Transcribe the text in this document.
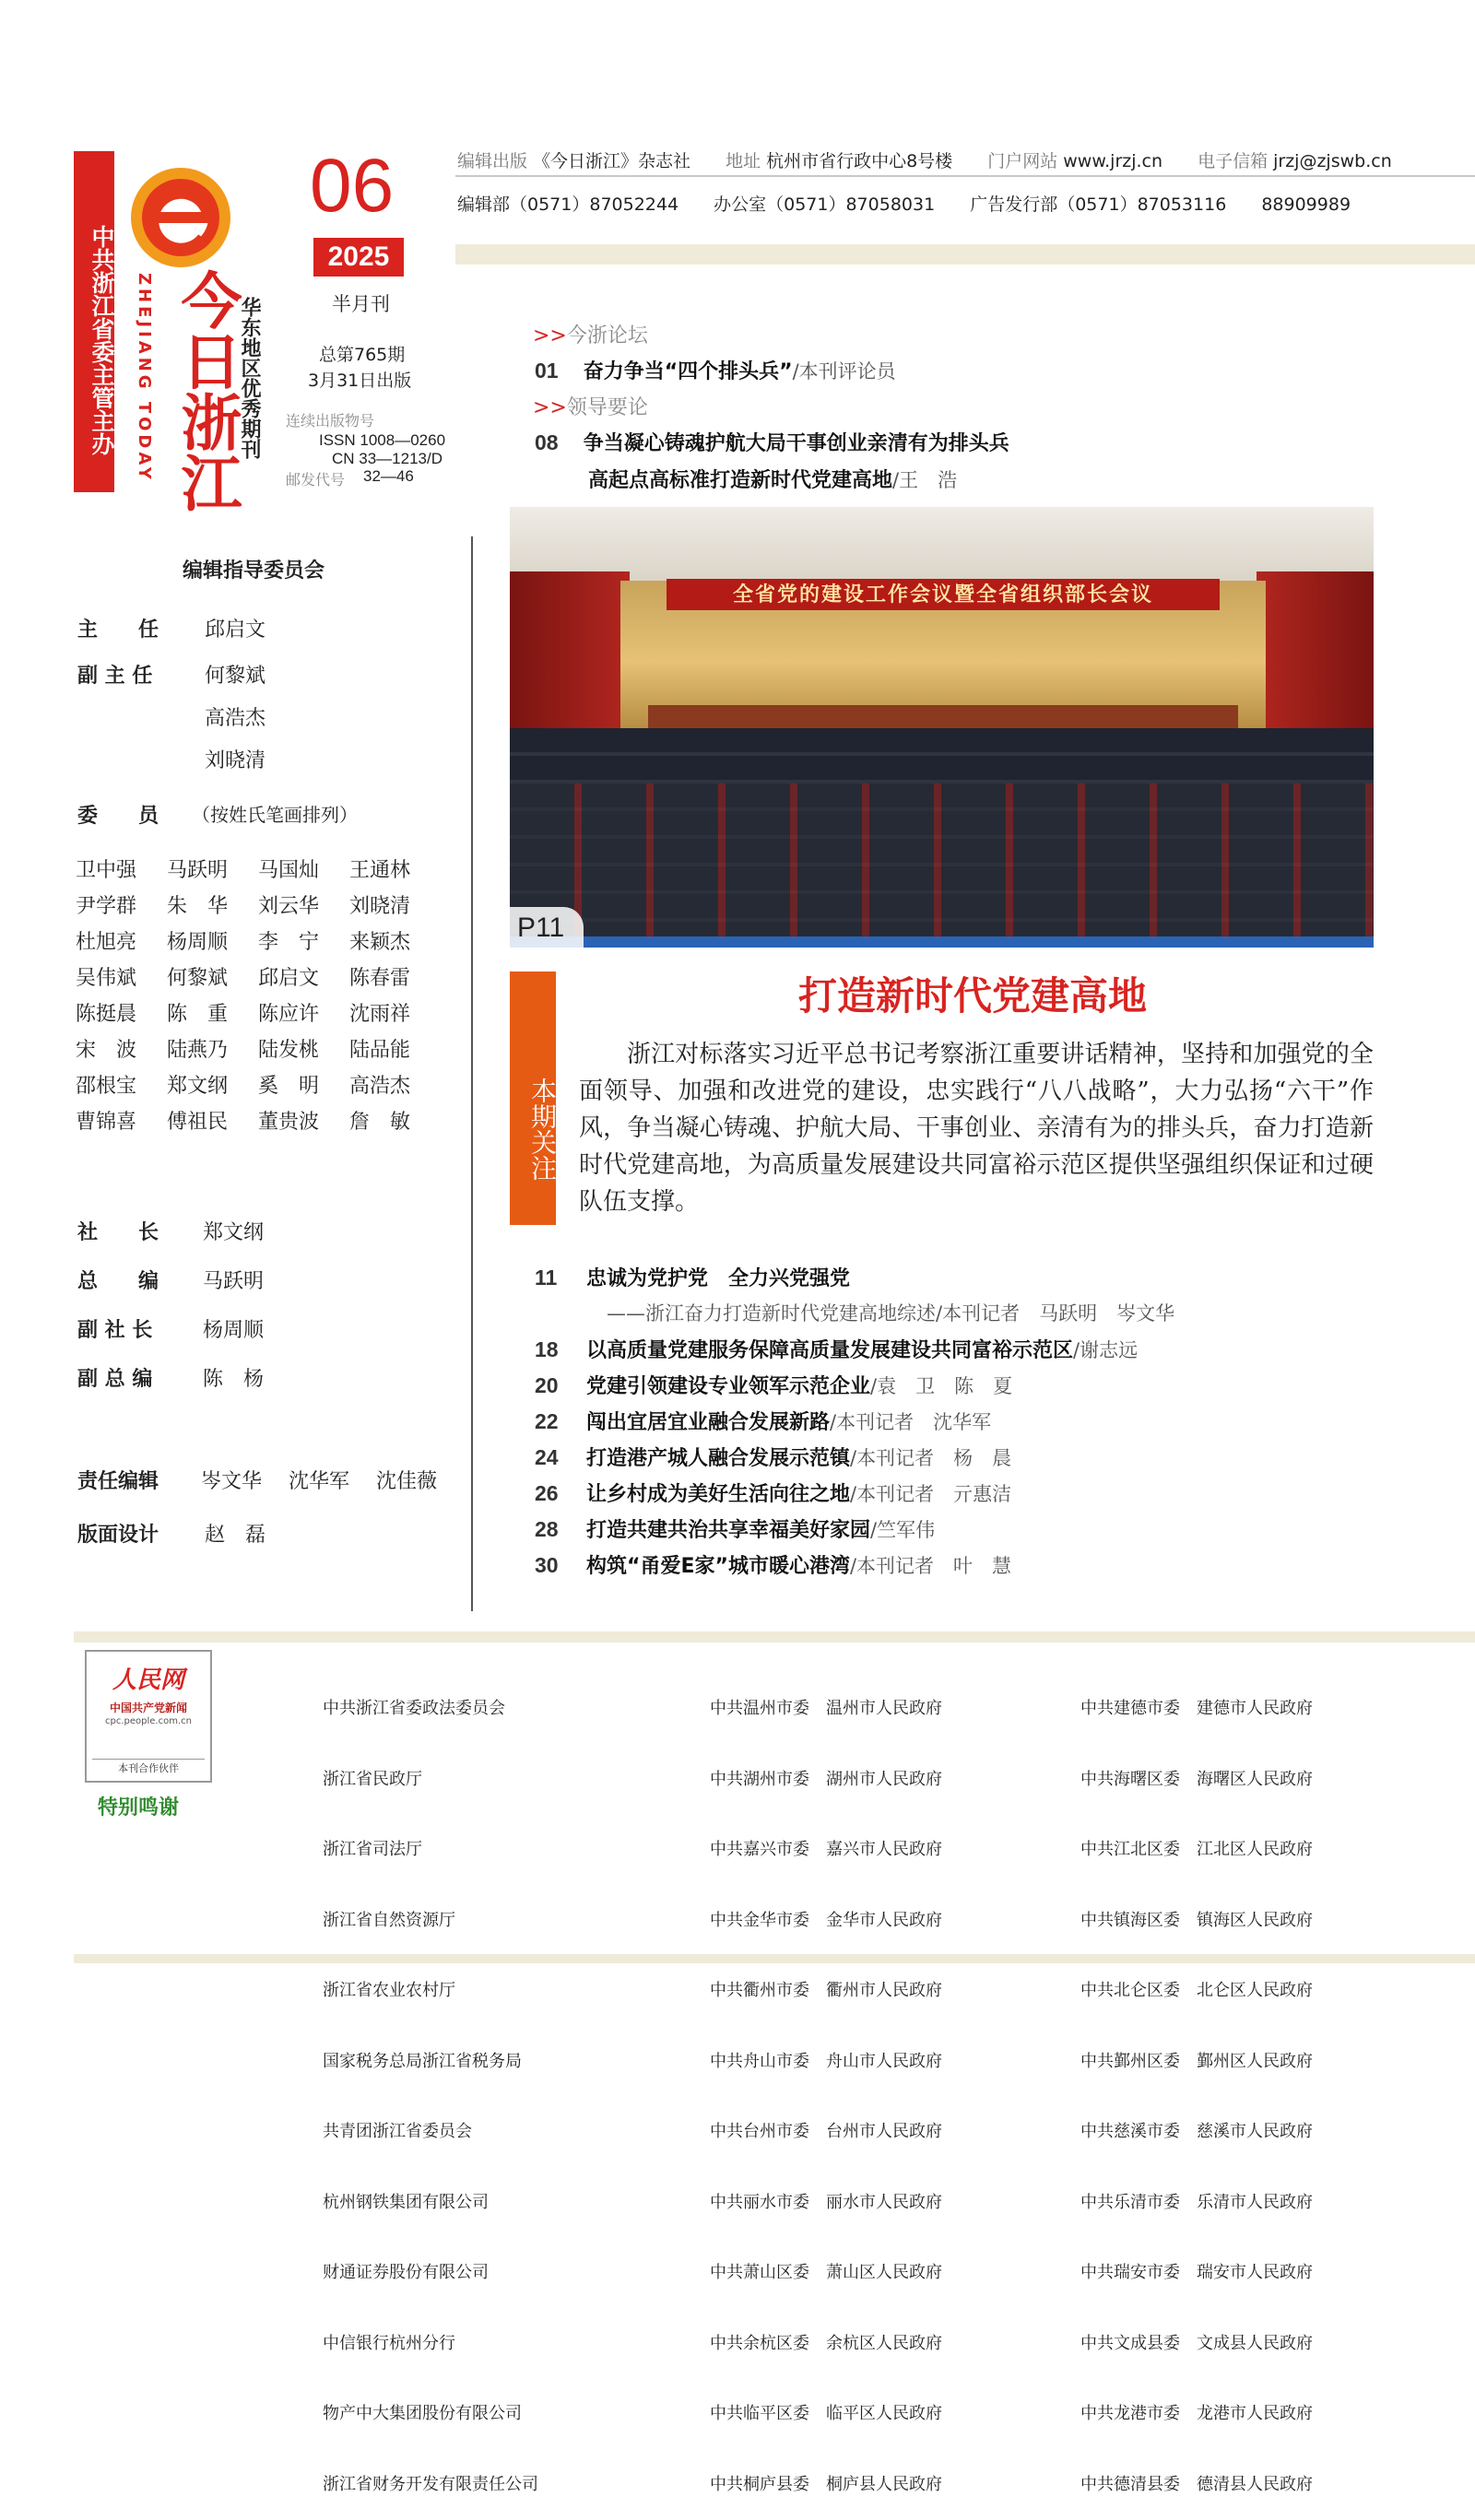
中共浙江省委主管主办 ZHEJIANG TODAY 今日浙江
华东地区优秀期刊
06
2025
半月刊
总第765期
3月31日出版
连续出版物号
ISSN 1008—0260
CN 33—1213/D
邮发代号 32—46
编辑出版 《今日浙江》杂志社 地址 杭州市省行政中心8号楼 门户网站 www.jrzj.cn 电子信箱 jrzj@zjswb.cn
编辑部（0571）87052244 办公室（0571）87058031 广告发行部（0571）87053116 88909989
>>今浙论坛
01 奋力争当“四个排头兵”/本刊评论员
>>领导要论
08 争当凝心铸魂护航大局干事创业亲清有为排头兵
高起点高标准打造新时代党建高地/王　浩
全省党的建设工作会议暨全省组织部长会议
P11
本期关注
打造新时代党建高地
浙江对标落实习近平总书记考察浙江重要讲话精神，坚持和加强党的全面领导、加强和改进党的建设，忠实践行“八八战略”，大力弘扬“六干”作风，争当凝心铸魂、护航大局、干事创业、亲清有为的排头兵，奋力打造新时代党建高地，为高质量发展建设共同富裕示范区提供坚强组织保证和过硬队伍支撑。
11 忠诚为党护党　全力兴党强党
——浙江奋力打造新时代党建高地综述/本刊记者　马跃明　岑文华
18 以高质量党建服务保障高质量发展建设共同富裕示范区/谢志远
20 党建引领建设专业领军示范企业/袁　卫　陈　夏
22 闯出宜居宜业融合发展新路/本刊记者　沈华军
24 打造港产城人融合发展示范镇/本刊记者　杨　晨
26 让乡村成为美好生活向往之地/本刊记者　亓惠洁
28 打造共建共治共享幸福美好家园/竺军伟
30 构筑“甬爱E家”城市暖心港湾/本刊记者　叶　慧
编辑指导委员会
主　　任 邱启文
副 主 任	何黎斌
高浩杰
刘晓清
委　　员 （按姓氏笔画排列）
卫中强 马跃明 马国灿 王通林 尹学群 朱　华 刘云华 刘晓清 杜旭亮 杨周顺 李　宁 来颖杰 吴伟斌 何黎斌 邱启文 陈春雷 陈挺晨 陈　重 陈应许 沈雨祥 宋　波 陆燕乃 陆发桃 陆品能 邵根宝 郑文纲 奚　明 高浩杰 曹锦喜 傅祖民 董贵波 詹　敏
社　　长 郑文纲
总　　编 马跃明
副 社 长 杨周顺
副 总 编 陈　杨
责任编辑 岑文华　 沈华军　 沈佳薇
版面设计 赵　磊
人民网
中国共产党新闻
cpc.people.com.cn
本刊合作伙伴
特别鸣谢

中共浙江省委政法委员会

浙江省民政厅

浙江省司法厅

浙江省自然资源厅

浙江省农业农村厅

国家税务总局浙江省税务局

共青团浙江省委员会

杭州钢铁集团有限公司

财通证券股份有限公司

中信银行杭州分行

物产中大集团股份有限公司

浙江省财务开发有限责任公司

中共温州市委　温州市人民政府

中共湖州市委　湖州市人民政府

中共嘉兴市委　嘉兴市人民政府

中共金华市委　金华市人民政府

中共衢州市委　衢州市人民政府

中共舟山市委　舟山市人民政府

中共台州市委　台州市人民政府

中共丽水市委　丽水市人民政府

中共萧山区委　萧山区人民政府

中共余杭区委　余杭区人民政府

中共临平区委　临平区人民政府

中共桐庐县委　桐庐县人民政府

中共建德市委　建德市人民政府

中共海曙区委　海曙区人民政府

中共江北区委　江北区人民政府

中共镇海区委　镇海区人民政府

中共北仑区委　北仑区人民政府

中共鄞州区委　鄞州区人民政府

中共慈溪市委　慈溪市人民政府

中共乐清市委　乐清市人民政府

中共瑞安市委　瑞安市人民政府

中共文成县委　文成县人民政府

中共龙港市委　龙港市人民政府

中共德清县委　德清县人民政府
